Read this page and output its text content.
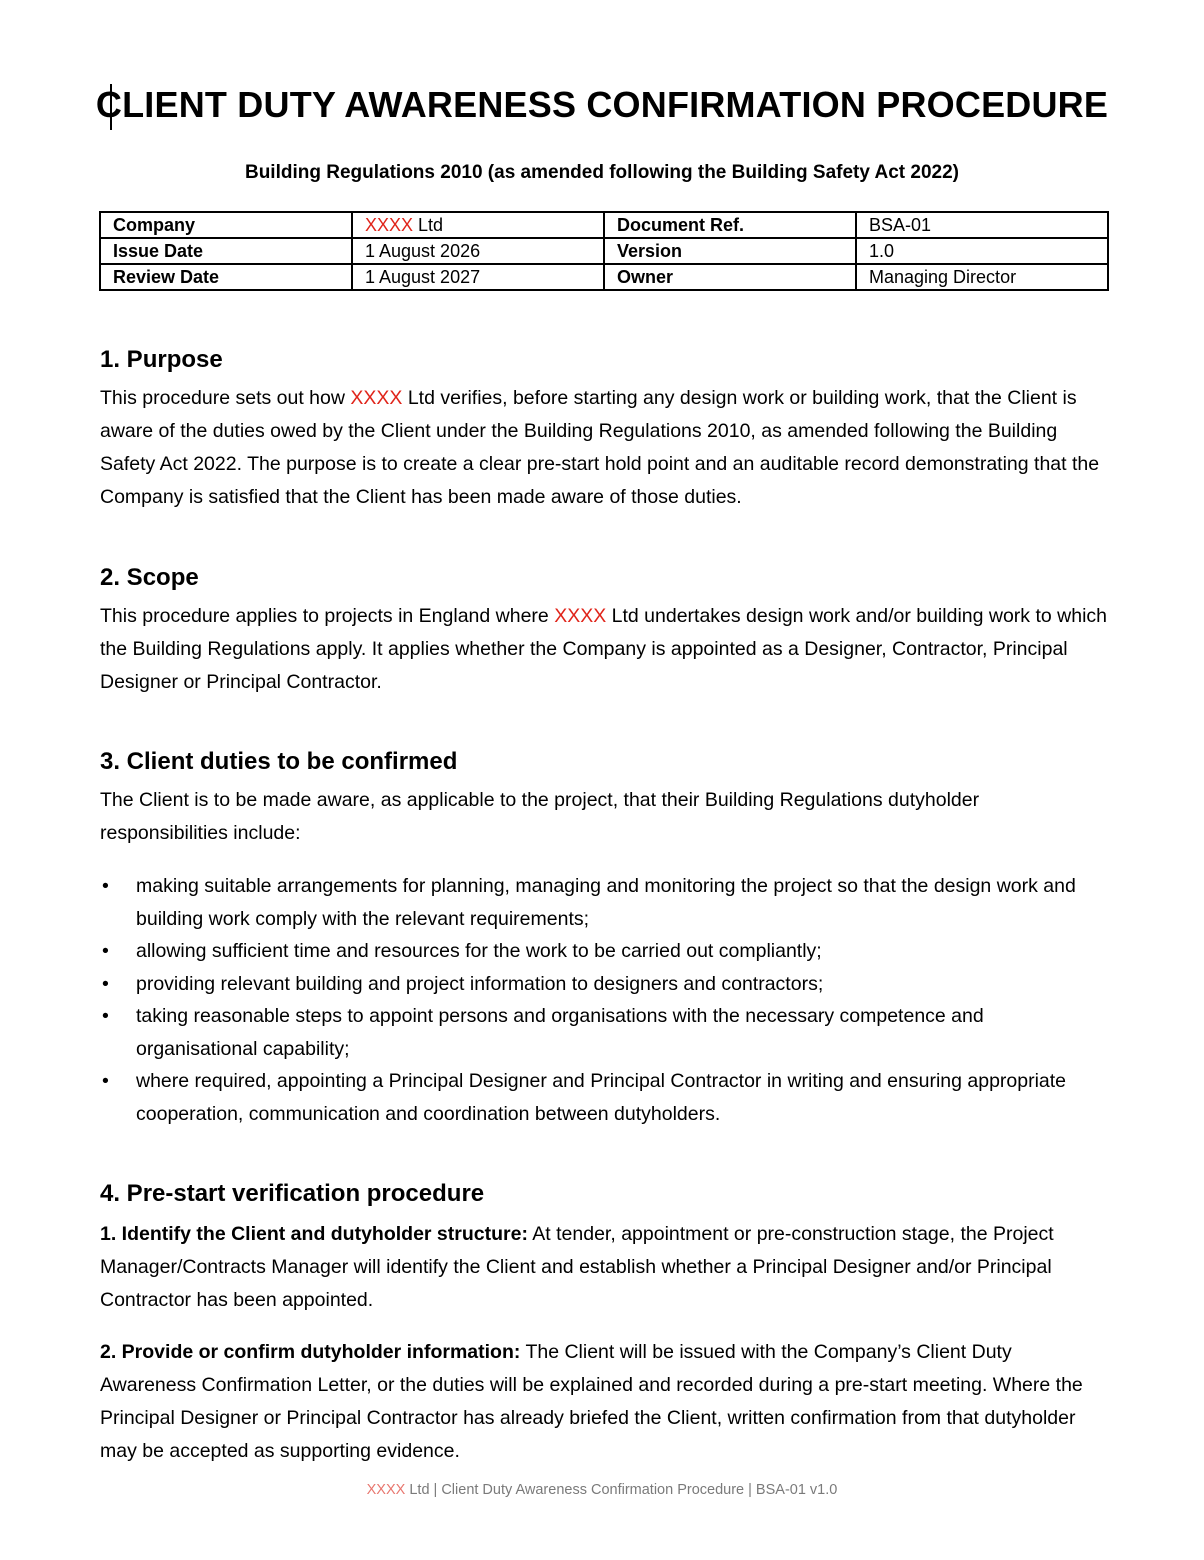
CLIENT DUTY AWARENESS CONFIRMATION PROCEDURE
Building Regulations 2010 (as amended following the Building Safety Act 2022)
Company	XXXX Ltd	Document Ref.	BSA-01
Issue Date	1 August 2026	Version	1.0
Review Date	1 August 2027	Owner	Managing Director
1. Purpose
This procedure sets out how XXXX Ltd verifies, before starting any design work or building work, that the Client is aware of the duties owed by the Client under the Building Regulations 2010, as amended following the Building Safety Act 2022. The purpose is to create a clear pre-start hold point and an auditable record demonstrating that the Company is satisfied that the Client has been made aware of those duties.
2. Scope
This procedure applies to projects in England where XXXX Ltd undertakes design work and/or building work to which the Building Regulations apply. It applies whether the Company is appointed as a Designer, Contractor, Principal Designer or Principal Contractor.
3. Client duties to be confirmed
The Client is to be made aware, as applicable to the project, that their Building Regulations dutyholder responsibilities include:
• making suitable arrangements for planning, managing and monitoring the project so that the design work and building work comply with the relevant requirements;
• allowing sufficient time and resources for the work to be carried out compliantly;
• providing relevant building and project information to designers and contractors;
• taking reasonable steps to appoint persons and organisations with the necessary competence and organisational capability;
• where required, appointing a Principal Designer and Principal Contractor in writing and ensuring appropriate cooperation, communication and coordination between dutyholders.
4. Pre-start verification procedure
1. Identify the Client and dutyholder structure: At tender, appointment or pre-construction stage, the Project Manager/Contracts Manager will identify the Client and establish whether a Principal Designer and/or Principal Contractor has been appointed.
2. Provide or confirm dutyholder information: The Client will be issued with the Company’s Client Duty Awareness Confirmation Letter, or the duties will be explained and recorded during a pre-start meeting. Where the Principal Designer or Principal Contractor has already briefed the Client, written confirmation from that dutyholder may be accepted as supporting evidence.
XXXX Ltd | Client Duty Awareness Confirmation Procedure | BSA-01 v1.0
